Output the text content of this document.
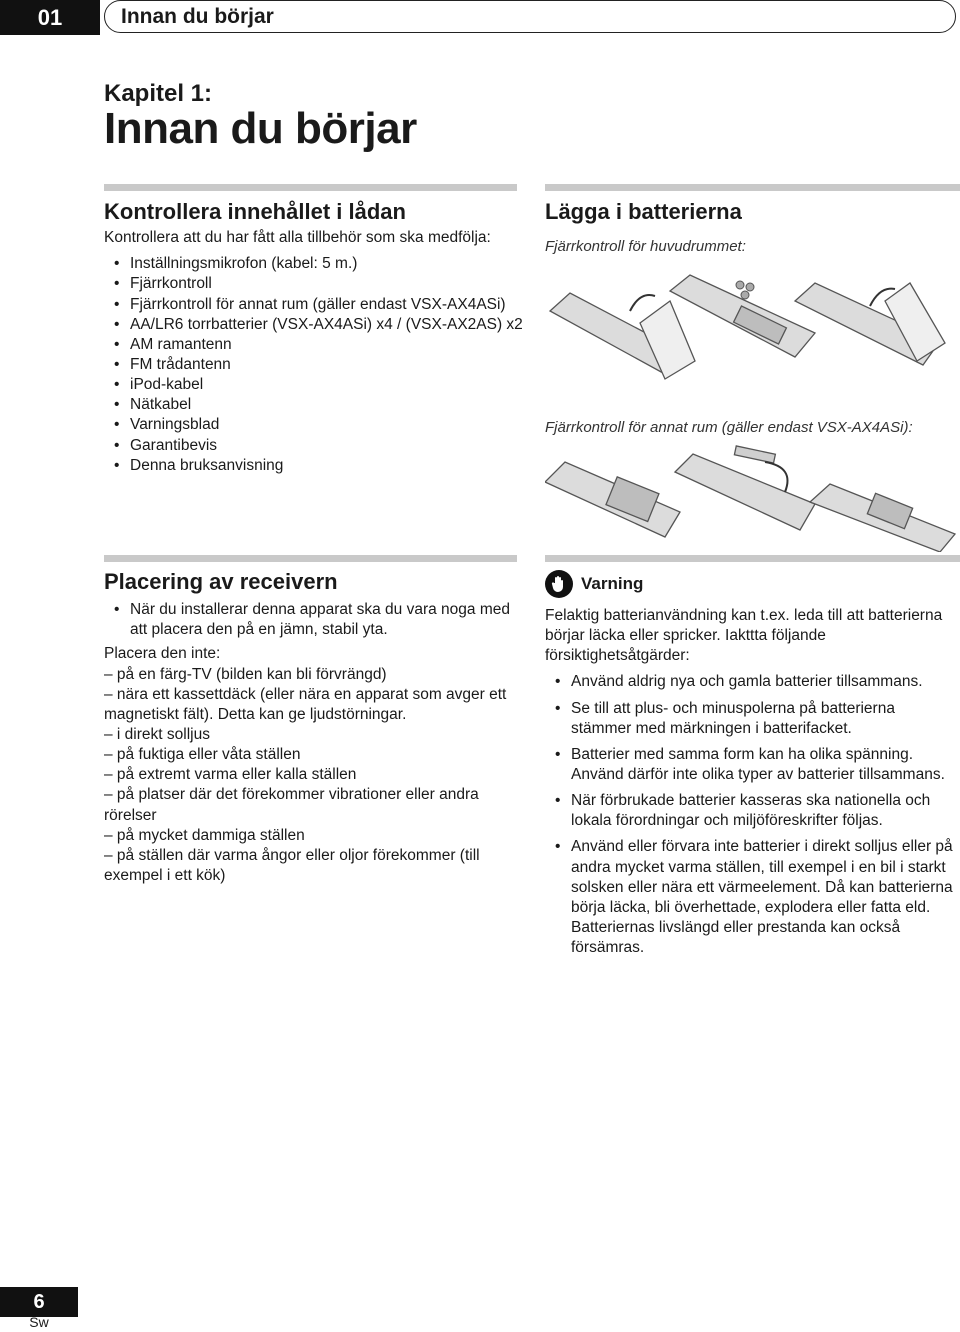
01	Innan du börjar
Kapitel 1:
Innan du börjar
Kontrollera innehållet i lådan

Kontrollera att du har fått alla tillbehör som ska medfölja:

• Inställningsmikrofon (kabel: 5 m.)
• Fjärrkontroll
• Fjärrkontroll för annat rum (gäller endast VSX-AX4ASi)
• AA/LR6 torrbatterier (VSX-AX4ASi) x4 / (VSX-AX2AS) x2
• AM ramantenn
• FM trådantenn
• iPod-kabel
• Nätkabel
• Varningsblad
• Garantibevis
• Denna bruksanvisning
Lägga i batterierna
Fjärrkontroll för huvudrummet:
Fjärrkontroll för annat rum (gäller endast VSX-AX4ASi):
Placering av receivern
• När du installerar denna apparat ska du vara noga med att placera den på en jämn, stabil yta.

Placera den inte:

– på en färg-TV (bilden kan bli förvrängd)

– nära ett kassettdäck (eller nära en apparat som avger ett magnetiskt fält). Detta kan ge ljudstörningar.

– i direkt solljus

– på fuktiga eller våta ställen

– på extremt varma eller kalla ställen

– på platser där det förekommer vibrationer eller andra rörelser

– på mycket dammiga ställen

– på ställen där varma ångor eller oljor förekommer (till exempel i ett kök)

Varning

Felaktig batterianvändning kan t.ex. leda till att batterierna börjar läcka eller spricker. Iakttta följande försiktighetsåtgärder:

• Använd aldrig nya och gamla batterier tillsammans.
• Se till att plus- och minuspolerna på batterierna stämmer med märkningen i batterifacket.
• Batterier med samma form kan ha olika spänning. Använd därför inte olika typer av batterier tillsammans.
• När förbrukade batterier kasseras ska nationella och lokala förordningar och miljöföreskrifter följas.
• Använd eller förvara inte batterier i direkt solljus eller på andra mycket varma ställen, till exempel i en bil i starkt solsken eller nära ett värmeelement. Då kan batterierna börja läcka, bli överhettade, explodera eller fatta eld. Batteriernas livslängd eller prestanda kan också försämras.
6
Sw
